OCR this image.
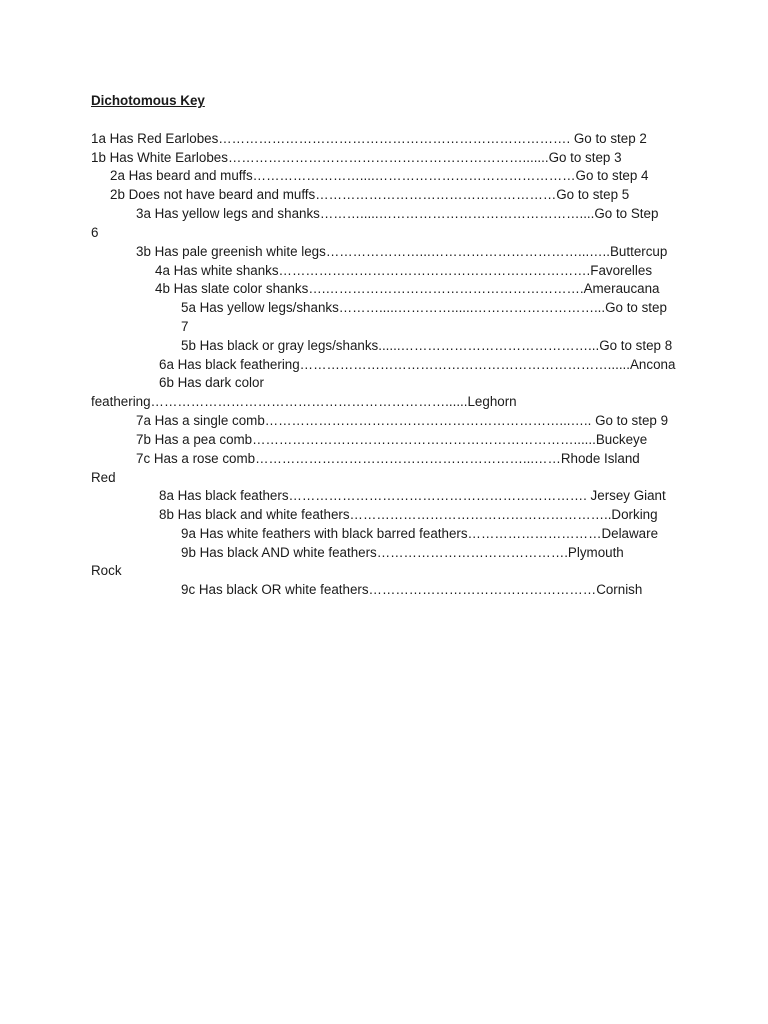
Dichotomous Key
1a Has Red Earlobes……………………………………………………………………. Go to step 2
1b Has White Earlobes………………………………………………………….......Go to step 3
2a Has beard and muffs……………………....………………………………………Go to step 4
2b Does not have beard and muffs………………………………………………Go to step 5
3a Has yellow legs and shanks……….....………………………………………....Go to Step
6
3b Has pale greenish white legs…………………...……………………………...…..Buttercup
4a Has white shanks…………………………………………………………….Favorelles
4b Has slate color shanks….………………………………………………….Ameraucana
5a Has yellow legs/shanks……….....…………......………………………...Go to step
7
5b Has black or gray legs/shanks......……………………………………...Go to step 8
6a Has black feathering……………………………………………………………......Ancona
6b Has dark color
feathering…………………………………………………………......Leghorn
7a Has a single comb…………………………………………………………...….. Go to step 9
7b Has a pea comb………………………………………………………………......Buckeye
7c Has a rose comb……………………………………………………...……Rhode Island
Red
8a Has black feathers…………………………………………………………. Jersey Giant
8b Has black and white feathers…………………………………………………..Dorking
9a Has white feathers with black barred feathers…………………………Delaware
9b Has black AND white feathers…………………………………….Plymouth
Rock
9c Has black OR white feathers……………………………………………Cornish
